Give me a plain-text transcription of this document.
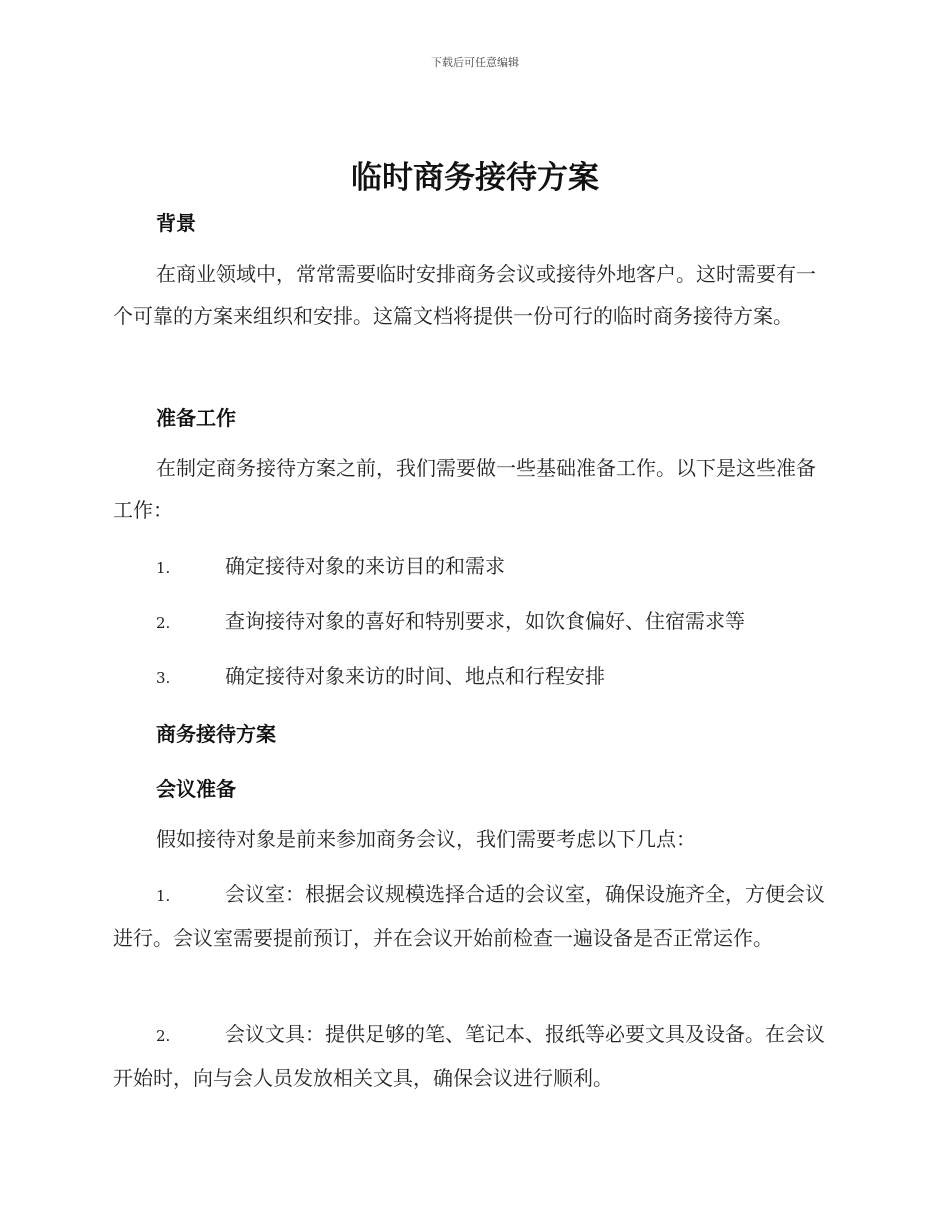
下载后可任意编辑
临时商务接待方案
背景
在商业领域中，常常需要临时安排商务会议或接待外地客户。这时需要有一个可靠的方案来组织和安排。这篇文档将提供一份可行的临时商务接待方案。
准备工作
在制定商务接待方案之前，我们需要做一些基础准备工作。以下是这些准备工作：
1.	确定接待对象的来访目的和需求
2.	查询接待对象的喜好和特别要求，如饮食偏好、住宿需求等
3.	确定接待对象来访的时间、地点和行程安排
商务接待方案
会议准备
假如接待对象是前来参加商务会议，我们需要考虑以下几点：
1.	会议室：根据会议规模选择合适的会议室，确保设施齐全，方便会议进行。会议室需要提前预订，并在会议开始前检查一遍设备是否正常运作。
2.	会议文具：提供足够的笔、笔记本、报纸等必要文具及设备。在会议开始时，向与会人员发放相关文具，确保会议进行顺利。
